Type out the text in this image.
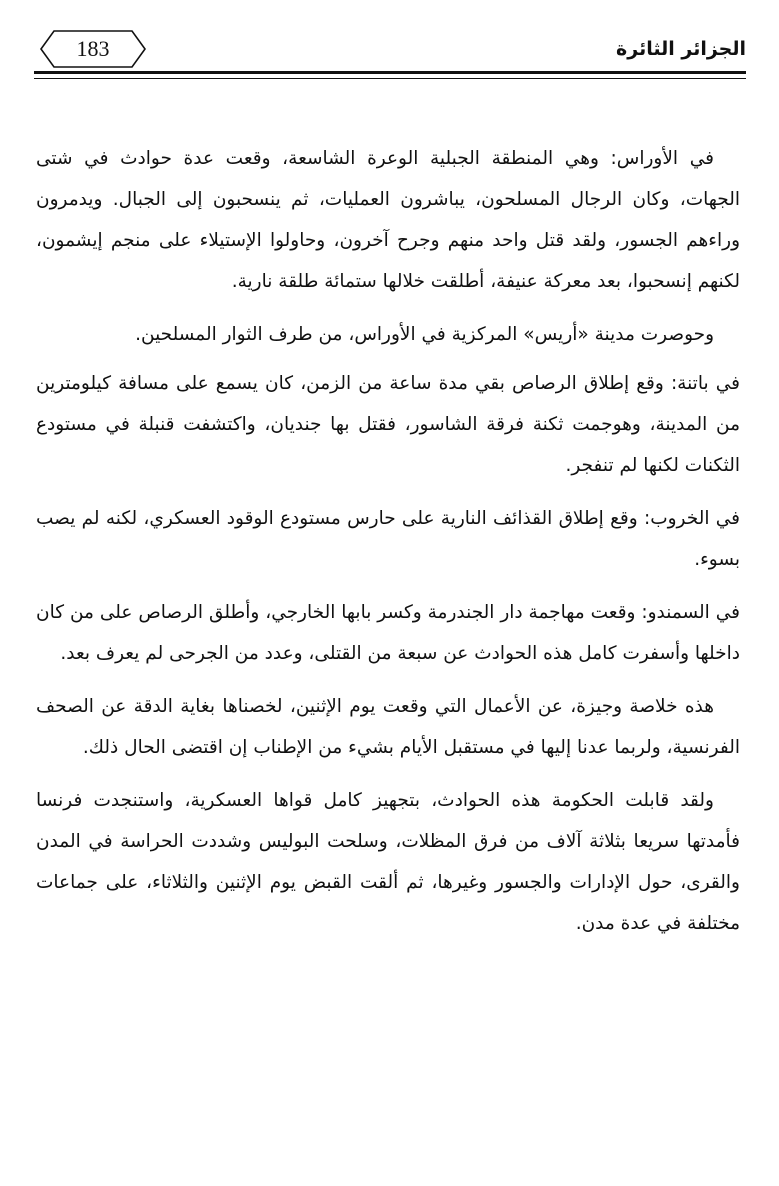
183	الجزائر الثائرة

في الأوراس: وهي المنطقة الجبلية الوعرة الشاسعة، وقعت عدة حوادث في شتى الجهات، وكان الرجال المسلحون، يباشرون العمليات، ثم ينسحبون إلى الجبال. ويدمرون وراءهم الجسور، ولقد قتل واحد منهم وجرح آخرون، وحاولوا الإستيلاء على منجم إيشمون، لكنهم إنسحبوا، بعد معركة عنيفة، أطلقت خلالها ستمائة طلقة نارية.

وحوصرت مدينة «أريس» المركزية في الأوراس، من طرف الثوار المسلحين.

في باتنة: وقع إطلاق الرصاص بقي مدة ساعة من الزمن، كان يسمع على مسافة كيلومترين من المدينة، وهوجمت ثكنة فرقة الشاسور، فقتل بها جنديان، واكتشفت قنبلة في مستودع الثكنات لكنها لم تنفجر.

في الخروب: وقع إطلاق القذائف النارية على حارس مستودع الوقود العسكري، لكنه لم يصب بسوء.

في السمندو: وقعت مهاجمة دار الجندرمة وكسر بابها الخارجي، وأطلق الرصاص على من كان داخلها وأسفرت كامل هذه الحوادث عن سبعة من القتلى، وعدد من الجرحى لم يعرف بعد.

هذه خلاصة وجيزة، عن الأعمال التي وقعت يوم الإثنين، لخصناها بغاية الدقة عن الصحف الفرنسية، ولربما عدنا إليها في مستقبل الأيام بشيء من الإطناب إن اقتضى الحال ذلك.

ولقد قابلت الحكومة هذه الحوادث، بتجهيز كامل قواها العسكرية، واستنجدت فرنسا فأمدتها سريعا بثلاثة آلاف من فرق المظلات، وسلحت البوليس وشددت الحراسة في المدن والقرى، حول الإدارات والجسور وغيرها، ثم ألقت القبض يوم الإثنين والثلاثاء، على جماعات مختلفة في عدة مدن.
